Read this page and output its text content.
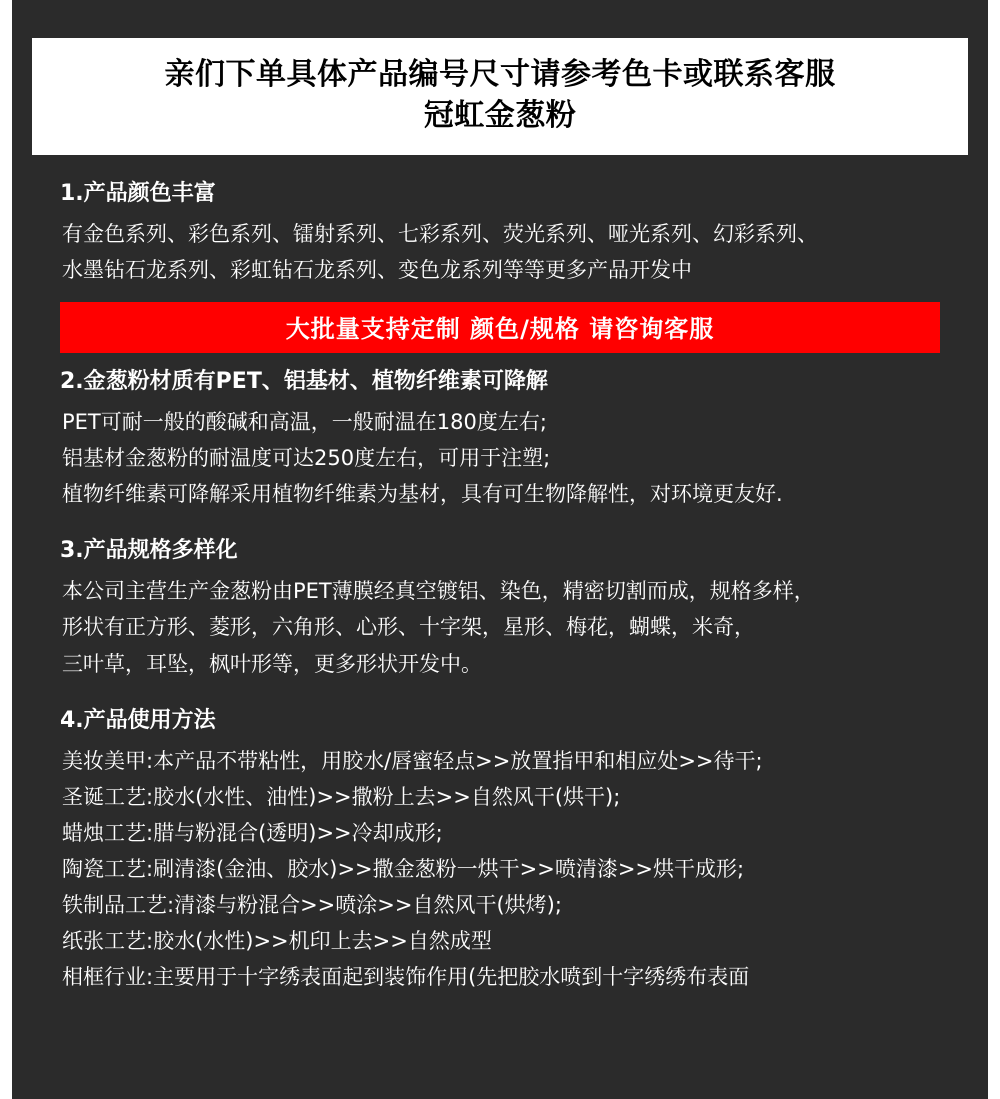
亲们下单具体产品编号尺寸请参考色卡或联系客服
冠虹金葱粉
1.产品颜色丰富
有金色系列、彩色系列、镭射系列、七彩系列、荧光系列、哑光系列、幻彩系列、
水墨钻石龙系列、彩虹钻石龙系列、变色龙系列等等更多产品开发中
大批量支持定制 颜色/规格 请咨询客服
2.金葱粉材质有PET、铝基材、植物纤维素可降解
PET可耐一般的酸碱和高温，一般耐温在180度左右;
铝基材金葱粉的耐温度可达250度左右，可用于注塑;
植物纤维素可降解采用植物纤维素为基材，具有可生物降解性，对环境更友好.
3.产品规格多样化
本公司主营生产金葱粉由PET薄膜经真空镀铝、染色，精密切割而成，规格多样，
形状有正方形、菱形，六角形、心形、十字架，星形、梅花，蝴蝶，米奇，
三叶草，耳坠，枫叶形等，更多形状开发中。
4.产品使用方法
美妆美甲:本产品不带粘性，用胶水/唇蜜轻点>>放置指甲和相应处>>待干;
圣诞工艺:胶水(水性、油性)>>撒粉上去>>自然风干(烘干);
蜡烛工艺:腊与粉混合(透明)>>冷却成形;
陶瓷工艺:刷清漆(金油、胶水)>>撒金葱粉一烘干>>喷清漆>>烘干成形;
铁制品工艺:清漆与粉混合>>喷涂>>自然风干(烘烤);
纸张工艺:胶水(水性)>>机印上去>>自然成型
相框行业:主要用于十字绣表面起到装饰作用(先把胶水喷到十字绣绣布表面
